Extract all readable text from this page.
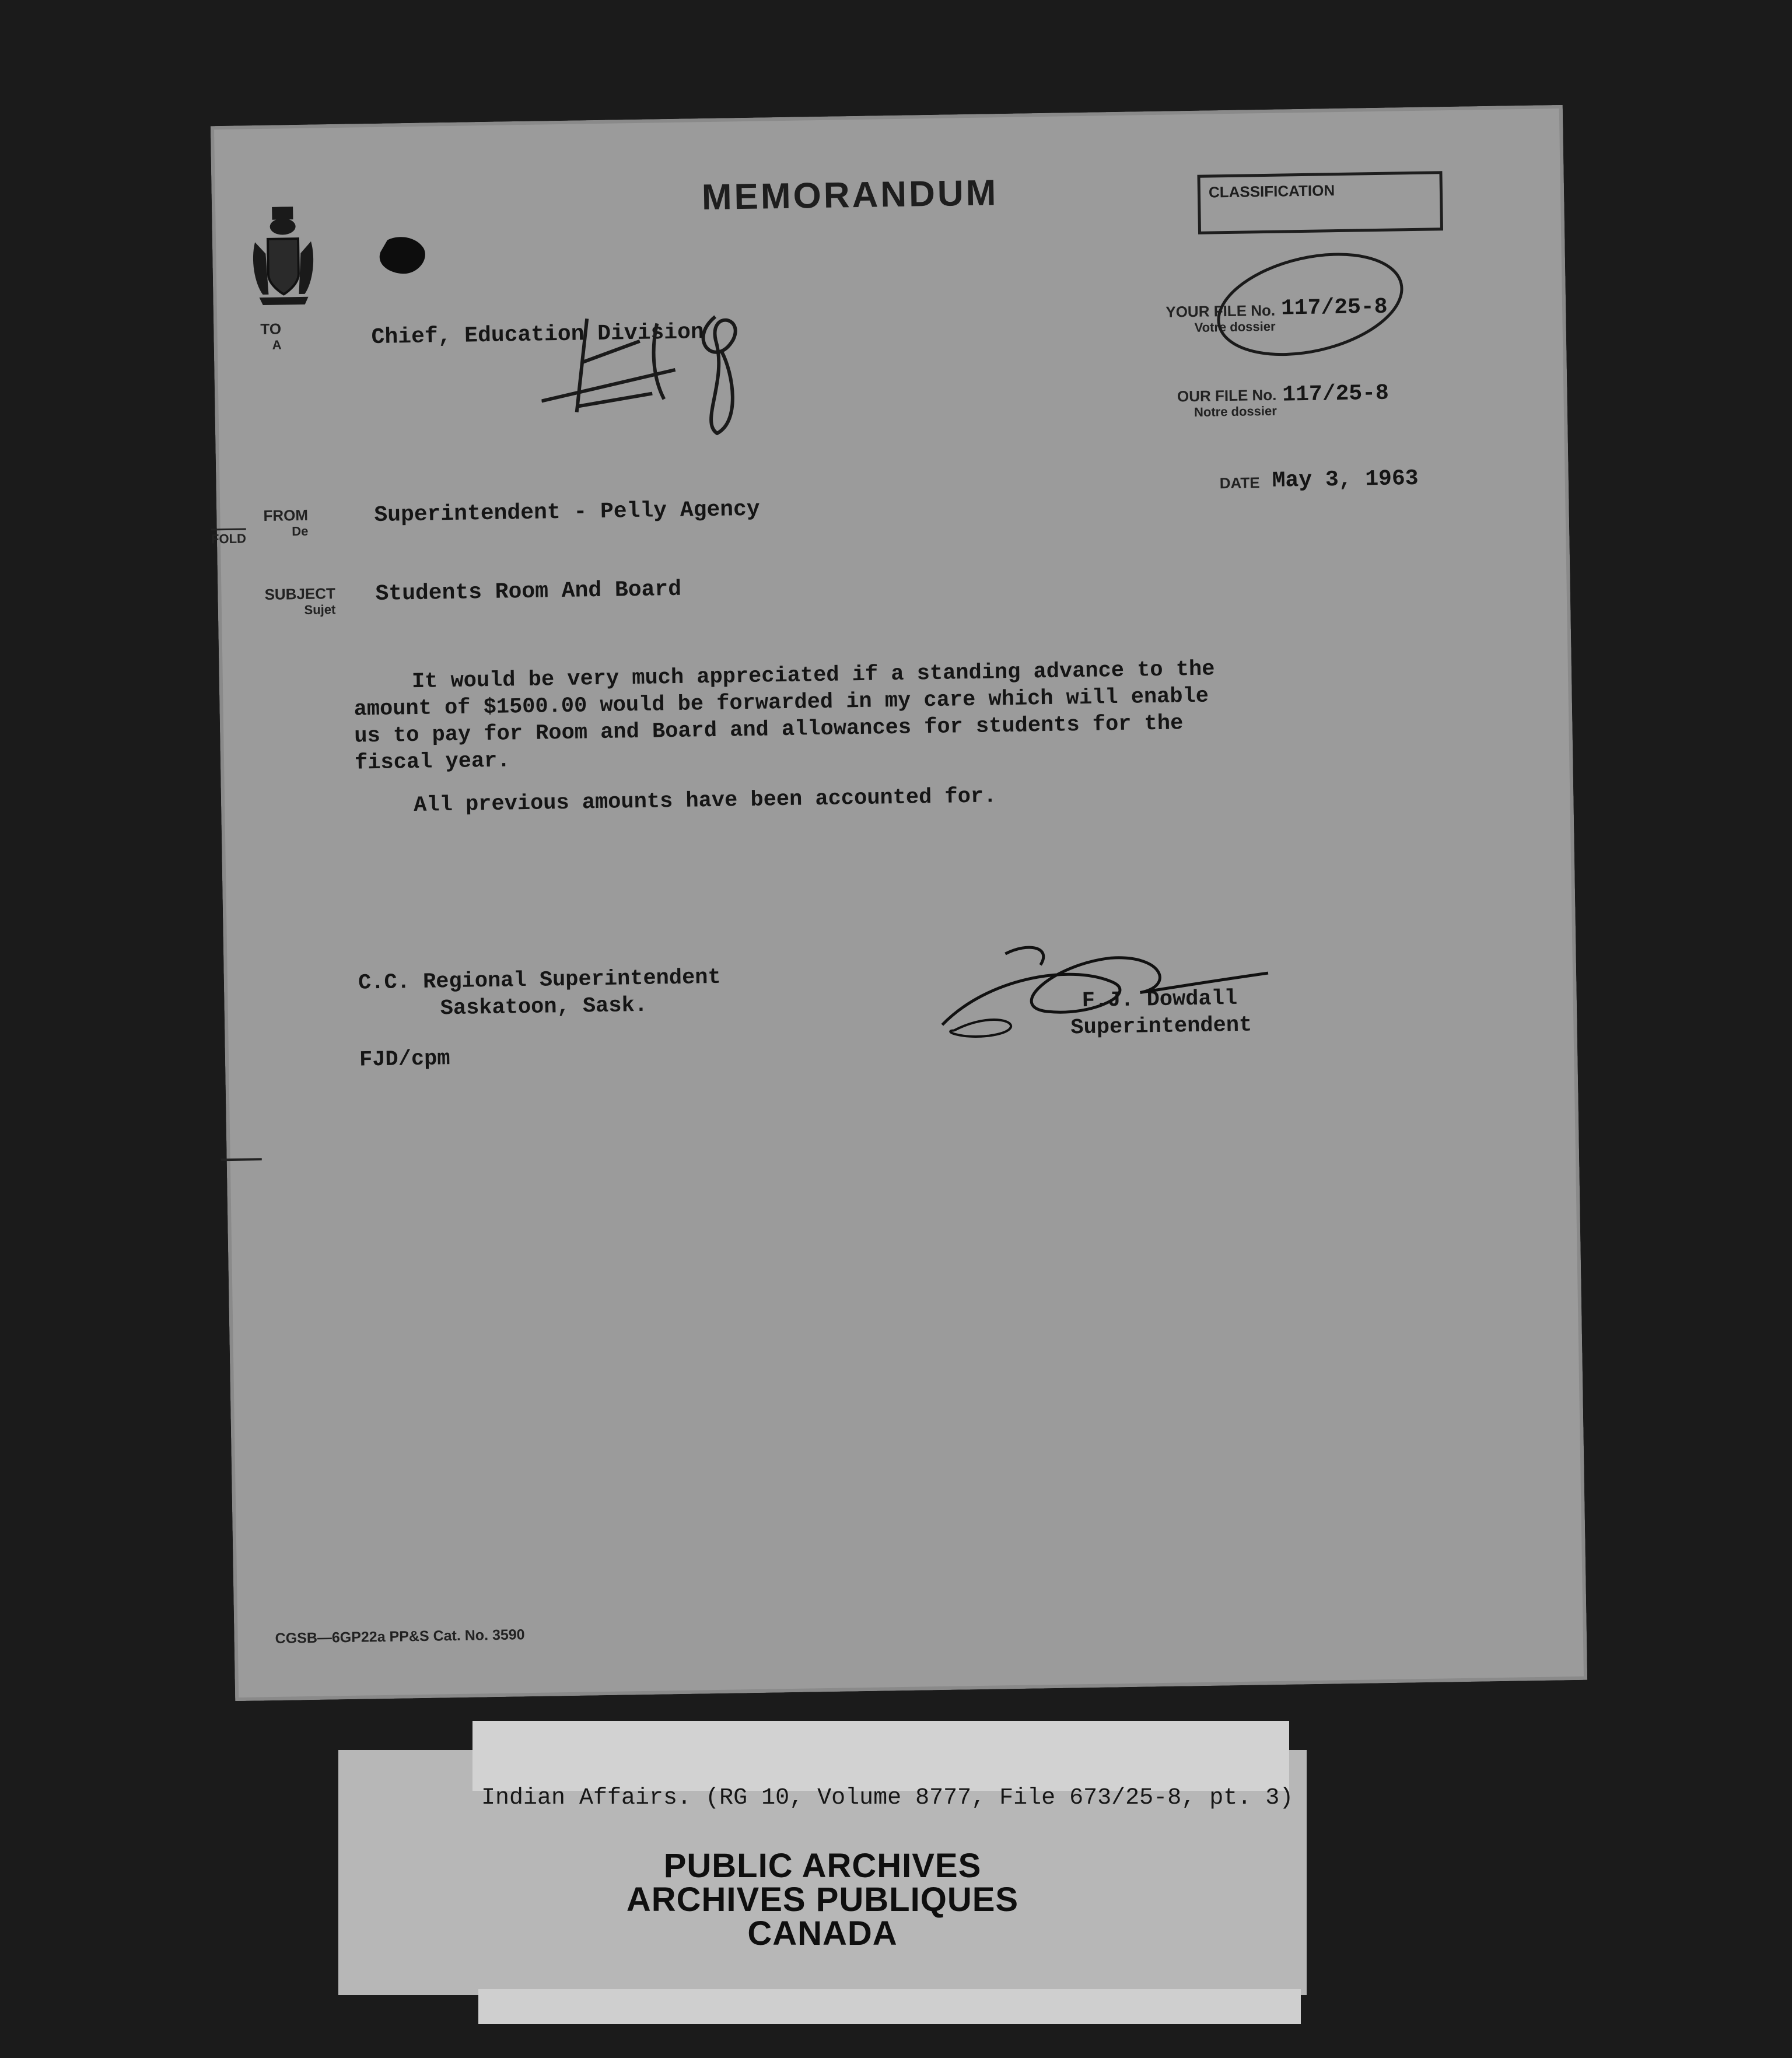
MEMORANDUM	CLASSIFICATION
TO
A	Chief, Education Division
YOUR FILE No.
Votre dossier
117/25-8
OUR FILE No.
Notre dossier
117/25-8
DATE May 3, 1963
FROM
De
Superintendent - Pelly Agency
FOLD
SUBJECT
Sujet
Students Room And Board

It would be very much appreciated if a standing advance to the amount of $1500.00 would be forwarded in my care which will enable us to pay for Room and Board and allowances for students for the fiscal year.

All previous amounts have been accounted for.

C.C. Regional Superintendent
Saskatoon, Sask.
FJD/cpm
F.J. Dowdall
Superintendent
CGSB—6GP22a PP&S Cat. No. 3590
Indian Affairs. (RG 10, Volume 8777, File 673/25-8, pt. 3)
PUBLIC ARCHIVES
ARCHIVES PUBLIQUES
CANADA
